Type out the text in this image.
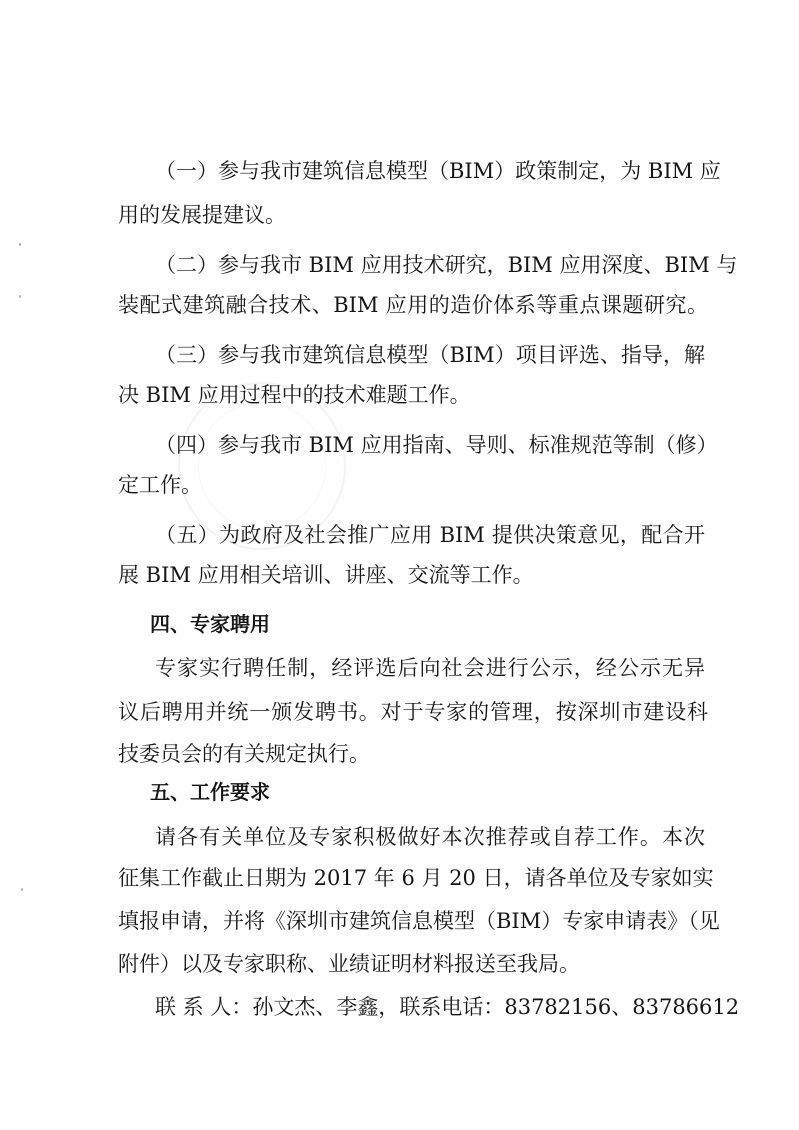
（一）参与我市建筑信息模型（BIM）政策制定，为 BIM 应

用的发展提建议。

（二）参与我市 BIM 应用技术研究，BIM 应用深度、BIM 与

装配式建筑融合技术、BIM 应用的造价体系等重点课题研究。

（三）参与我市建筑信息模型（BIM）项目评选、指导，解

决 BIM 应用过程中的技术难题工作。

（四）参与我市 BIM 应用指南、导则、标准规范等制（修）

定工作。

（五）为政府及社会推广应用 BIM 提供决策意见，配合开

展 BIM 应用相关培训、讲座、交流等工作。

四、专家聘用

专家实行聘任制，经评选后向社会进行公示，经公示无异

议后聘用并统一颁发聘书。对于专家的管理，按深圳市建设科

技委员会的有关规定执行。

五、工作要求

请各有关单位及专家积极做好本次推荐或自荐工作。本次

征集工作截止日期为 2017 年 6 月 20 日，请各单位及专家如实

填报申请，并将《深圳市建筑信息模型（BIM）专家申请表》（见

附件）以及专家职称、业绩证明材料报送至我局。

联 系 人：孙文杰、李鑫，联系电话：83782156、83786612
